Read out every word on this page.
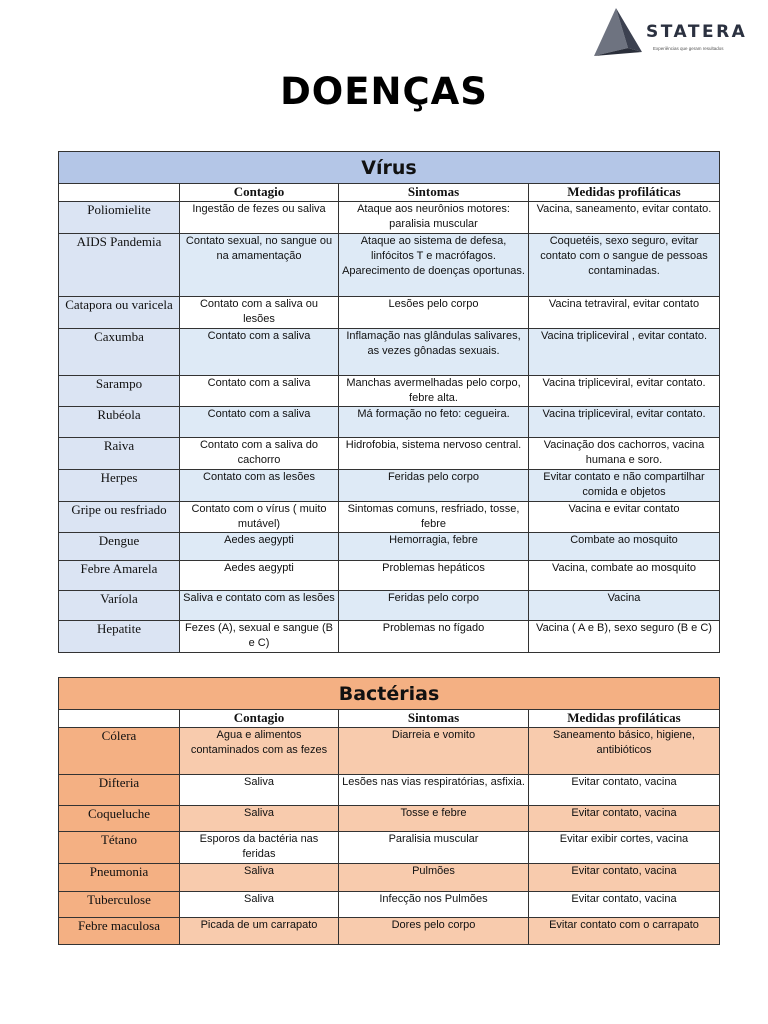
STATERA
Experiências que geram resultados
DOENÇAS
Vírus			
	Contagio	Sintomas	Medidas profiláticas
Poliomielite	Ingestão de fezes ou saliva	Ataque aos neurônios motores: paralisia muscular	Vacina, saneamento, evitar contato.
AIDS Pandemia	Contato sexual, no sangue ou na amamentação	Ataque ao sistema de defesa, linfócitos T e macrófagos. Aparecimento de doenças oportunas.	Coquetéis, sexo seguro, evitar contato com o sangue de pessoas contaminadas.
Catapora ou varicela	Contato com a saliva ou lesões	Lesões pelo corpo	Vacina tetraviral, evitar contato
Caxumba	Contato com a saliva	Inflamação nas glândulas salivares, as vezes gônadas sexuais.	Vacina tripliceviral , evitar contato.
Sarampo	Contato com a saliva	Manchas avermelhadas pelo corpo, febre alta.	Vacina tripliceviral, evitar contato.
Rubéola	Contato com a saliva	Má formação no feto: cegueira.	Vacina tripliceviral, evitar contato.
Raiva	Contato com a saliva do cachorro	Hidrofobia, sistema nervoso central.	Vacinação dos cachorros, vacina humana e soro.
Herpes	Contato com as lesões	Feridas pelo corpo	Evitar contato e não compartilhar comida e objetos
Gripe ou resfriado	Contato com o vírus ( muito mutável)	Sintomas comuns, resfriado, tosse, febre	Vacina e evitar contato
Dengue	Aedes aegypti	Hemorragia, febre	Combate ao mosquito
Febre Amarela	Aedes aegypti	Problemas hepáticos	Vacina, combate ao mosquito
Varíola	Saliva e contato com as lesões	Feridas pelo corpo	Vacina
Hepatite	Fezes (A), sexual e sangue (B e C)	Problemas no fígado	Vacina ( A e B), sexo seguro (B e C)
Bactérias			
	Contagio	Sintomas	Medidas profiláticas
Cólera	Agua e alimentos contaminados com as fezes	Diarreia e vomito	Saneamento básico, higiene, antibióticos
Difteria	Saliva	Lesões nas vias respiratórias, asfixia.	Evitar contato, vacina
Coqueluche	Saliva	Tosse e febre	Evitar contato, vacina
Tétano	Esporos da bactéria nas feridas	Paralisia muscular	Evitar exibir cortes, vacina
Pneumonia	Saliva	Pulmões	Evitar contato, vacina
Tuberculose	Saliva	Infecção nos Pulmões	Evitar contato, vacina
Febre maculosa	Picada de um carrapato	Dores pelo corpo	Evitar contato com o carrapato
